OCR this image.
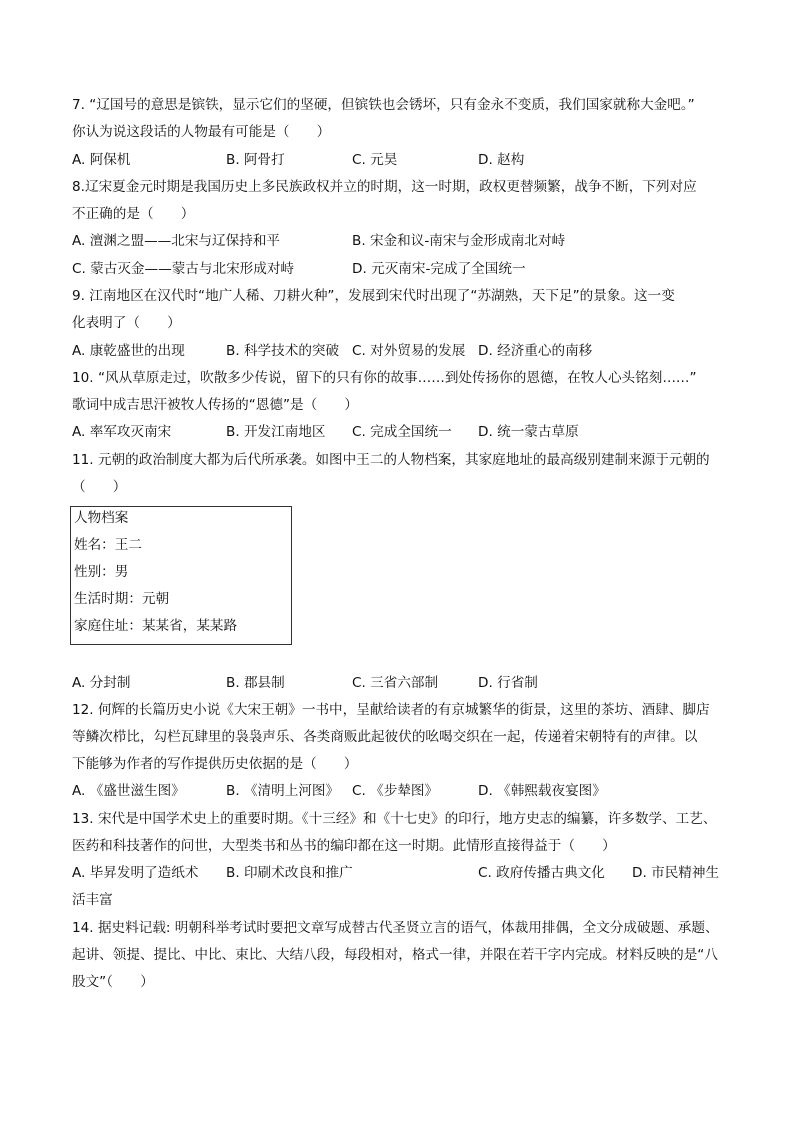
7. “辽国号的意思是镔铁，显示它们的坚硬，但镔铁也会锈坏，只有金永不变质，我们国家就称大金吧。”
你认为说这段话的人物最有可能是（　　）
A. 阿保机	B. 阿骨打	C. 元昊	D. 赵构
8.辽宋夏金元时期是我国历史上多民族政权并立的时期，这一时期，政权更替频繁，战争不断，下列对应
不正确的是（　　）
A. 澶渊之盟——北宋与辽保持和平	B. 宋金和议-南宋与金形成南北对峙
C. 蒙古灭金——蒙古与北宋形成对峙	D. 元灭南宋-完成了全国统一
9. 江南地区在汉代时“地广人稀、刀耕火种”，发展到宋代时出现了“苏湖熟，天下足”的景象。这一变
化表明了（　　）
A. 康乾盛世的出现	B. 科学技术的突破 C. 对外贸易的发展 D. 经济重心的南移
10. “风从草原走过，吹散多少传说，留下的只有你的故事……到处传扬你的恩德，在牧人心头铭刻……”
歌词中成吉思汗被牧人传扬的“恩德”是（　　）
A. 率军攻灭南宋	B. 开发江南地区 C. 完成全国统一 D. 统一蒙古草原
11. 元朝的政治制度大都为后代所承袭。如图中王二的人物档案，其家庭地址的最高级别建制来源于元朝的
（　　）
人物档案
姓名：王二
性别：男
生活时期：元朝
家庭住址：某某省，某某路
A. 分封制	B. 郡县制	C. 三省六部制	D. 行省制
12. 何辉的长篇历史小说《大宋王朝》一书中，呈献给读者的有京城繁华的街景，这里的茶坊、酒肆、脚店
等鳞次栉比，勾栏瓦肆里的袅袅声乐、各类商贩此起彼伏的吆喝交织在一起，传递着宋朝特有的声律。以
下能够为作者的写作提供历史依据的是（　　）
A. 《盛世滋生图》	B. 《清明上河图》 C. 《步辇图》	D. 《韩熙载夜宴图》
13. 宋代是中国学术史上的重要时期。《十三经》和《十七史》的印行，地方史志的编纂，许多数学、工艺、
医药和科技著作的问世，大型类书和丛书的编印都在这一时期。此情形直接得益于（　　）
A. 毕昇发明了造纸术 B. 印刷术改良和推广	C. 政府传播古典文化 D. 市民精神生
活丰富
14. 据史料记载: 明朝科举考试时要把文章写成替古代圣贤立言的语气，体裁用排偶，全文分成破题、承题、
起讲、领提、提比、中比、束比、大结八段，每段相对，格式一律，并限在若干字内完成。材料反映的是“八
股文”（　　）
